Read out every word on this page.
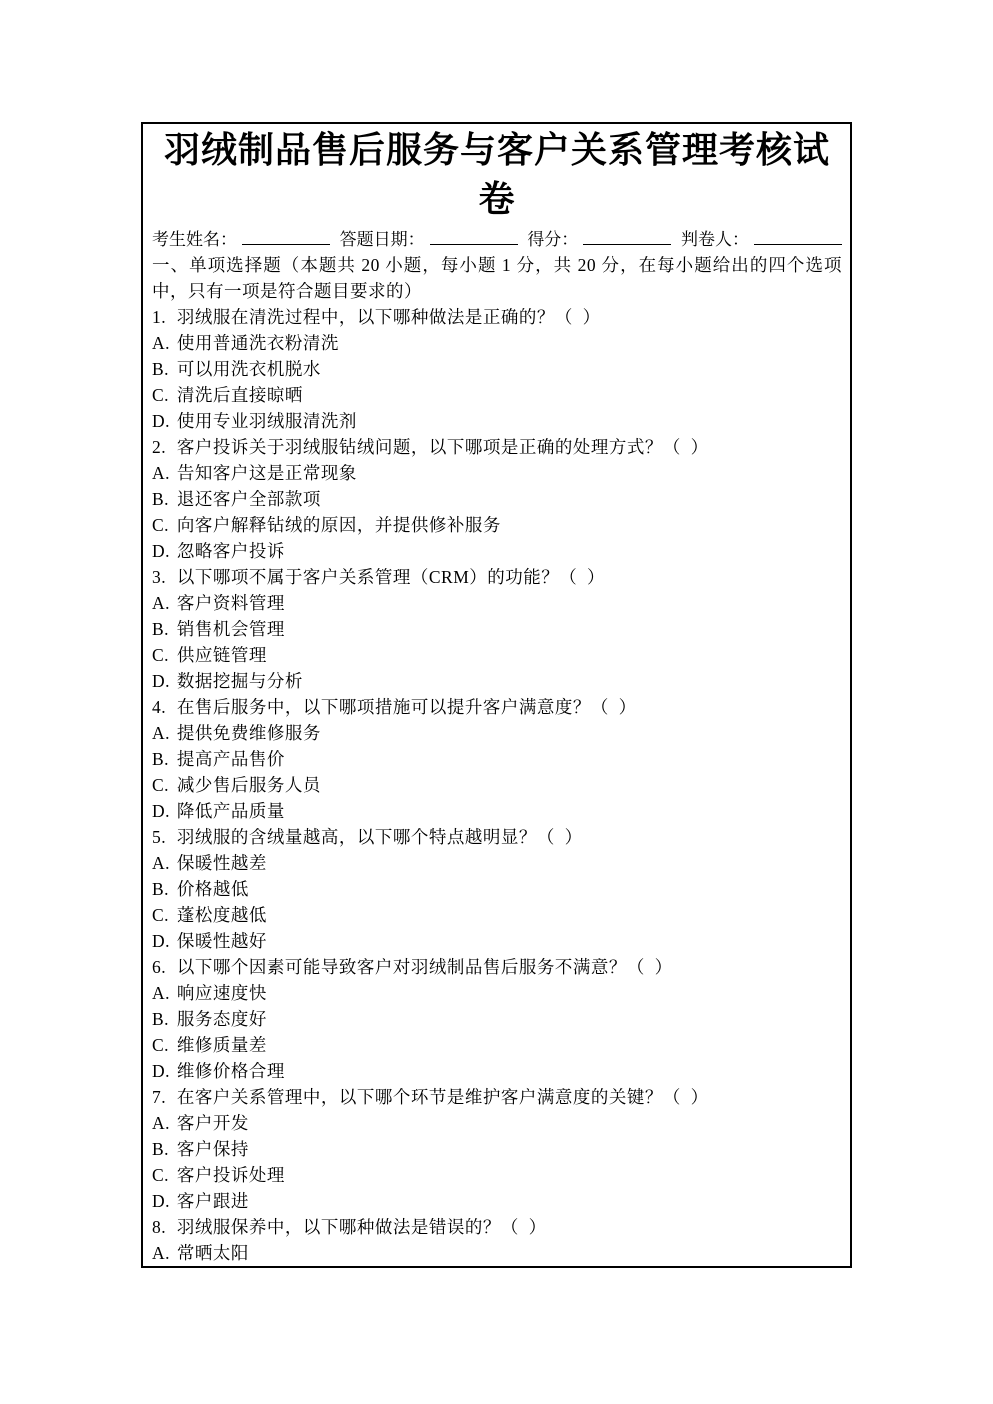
羽绒制品售后服务与客户关系管理考核试卷
考生姓名：	答题日期：	得分：	判卷人：
一、单项选择题（本题共 20 小题，每小题 1 分，共 20 分，在每小题给出的四个选项中，只有一项是符合题目要求的）
1. 羽绒服在清洗过程中，以下哪种做法是正确的？（  ）
A. 使用普通洗衣粉清洗
B. 可以用洗衣机脱水
C. 清洗后直接晾晒
D. 使用专业羽绒服清洗剂
2. 客户投诉关于羽绒服钻绒问题，以下哪项是正确的处理方式？（  ）
A. 告知客户这是正常现象
B. 退还客户全部款项
C. 向客户解释钻绒的原因，并提供修补服务
D. 忽略客户投诉
3. 以下哪项不属于客户关系管理（CRM）的功能？（  ）
A. 客户资料管理
B. 销售机会管理
C. 供应链管理
D. 数据挖掘与分析
4. 在售后服务中，以下哪项措施可以提升客户满意度？（  ）
A. 提供免费维修服务
B. 提高产品售价
C. 减少售后服务人员
D. 降低产品质量
5. 羽绒服的含绒量越高，以下哪个特点越明显？（  ）
A. 保暖性越差
B. 价格越低
C. 蓬松度越低
D. 保暖性越好
6. 以下哪个因素可能导致客户对羽绒制品售后服务不满意？（  ）
A. 响应速度快
B. 服务态度好
C. 维修质量差
D. 维修价格合理
7. 在客户关系管理中，以下哪个环节是维护客户满意度的关键？（  ）
A. 客户开发
B. 客户保持
C. 客户投诉处理
D. 客户跟进
8. 羽绒服保养中，以下哪种做法是错误的？（  ）
A. 常晒太阳
